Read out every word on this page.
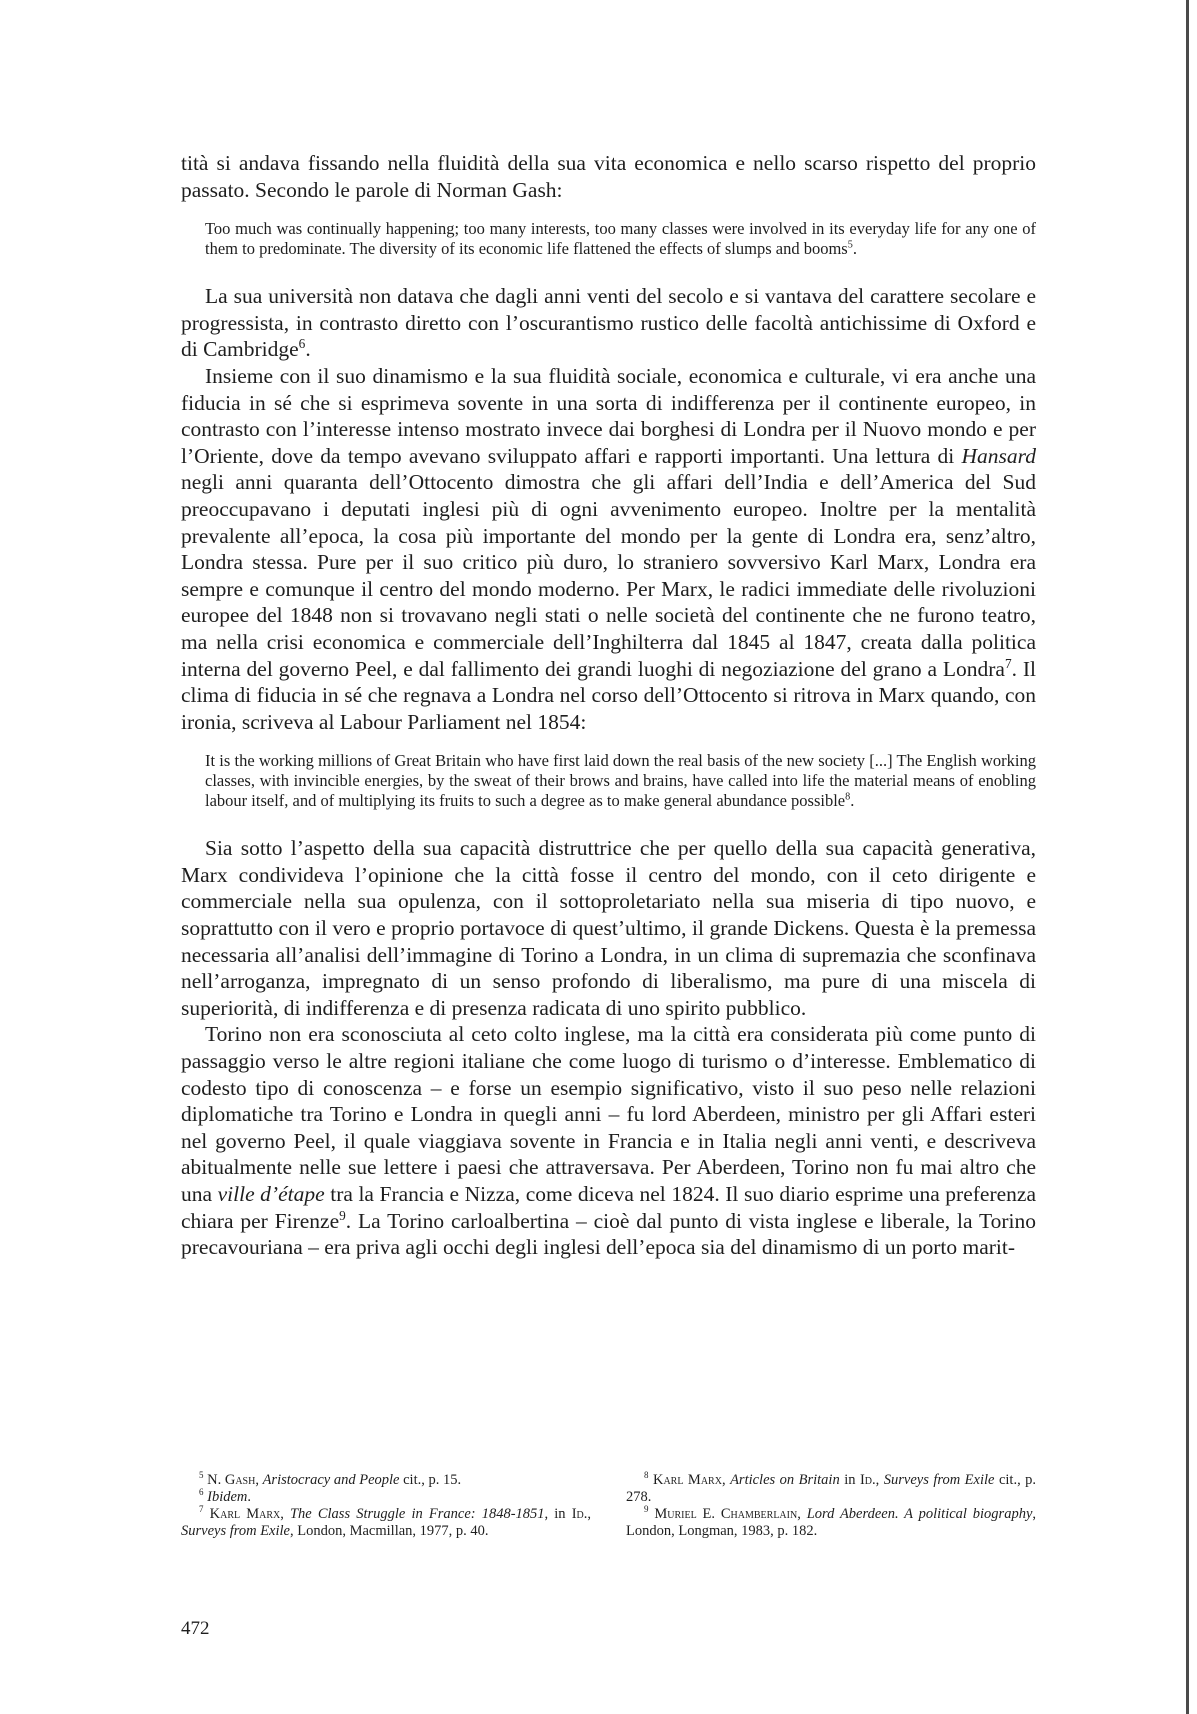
tità si andava fissando nella fluidità della sua vita economica e nello scarso rispetto del proprio passato. Secondo le parole di Norman Gash:

Too much was continually happening; too many interests, too many classes were involved in its everyday life for any one of them to predominate. The diversity of its economic life flattened the effects of slumps and booms$^5$.

La sua università non datava che dagli anni venti del secolo e si vantava del carattere secolare e progressista, in contrasto diretto con l’oscurantismo rustico delle facoltà antichissime di Oxford e di Cambridge$^6$.

Insieme con il suo dinamismo e la sua fluidità sociale, economica e culturale, vi era anche una fiducia in sé che si esprimeva sovente in una sorta di indifferenza per il continente europeo, in contrasto con l’interesse intenso mostrato invece dai borghesi di Londra per il Nuovo mondo e per l’Oriente, dove da tempo avevano sviluppato affari e rapporti importanti. Una lettura di Hansard negli anni quaranta dell’Ottocento dimostra che gli affari dell’India e dell’America del Sud preoccupavano i deputati inglesi più di ogni avvenimento europeo. Inoltre per la mentalità prevalente all’epoca, la cosa più importante del mondo per la gente di Londra era, senz’altro, Londra stessa. Pure per il suo critico più duro, lo straniero sovversivo Karl Marx, Londra era sempre e comunque il centro del mondo moderno. Per Marx, le radici immediate delle rivoluzioni europee del 1848 non si trovavano negli stati o nelle società del continente che ne furono teatro, ma nella crisi economica e commerciale dell’Inghilterra dal 1845 al 1847, creata dalla politica interna del governo Peel, e dal fallimento dei grandi luoghi di negoziazione del grano a Londra$^7$. Il clima di fiducia in sé che regnava a Londra nel corso dell’Ottocento si ritrova in Marx quando, con ironia, scriveva al Labour Parliament nel 1854:

It is the working millions of Great Britain who have first laid down the real basis of the new society [...] The English working classes, with invincible energies, by the sweat of their brows and brains, have called into life the material means of enobling labour itself, and of multiplying its fruits to such a degree as to make general abundance possible$^8$.

Sia sotto l’aspetto della sua capacità distruttrice che per quello della sua capacità generativa, Marx condivideva l’opinione che la città fosse il centro del mondo, con il ceto dirigente e commerciale nella sua opulenza, con il sottoproletariato nella sua miseria di tipo nuovo, e soprattutto con il vero e proprio portavoce di quest’ultimo, il grande Dickens. Questa è la premessa necessaria all’analisi dell’immagine di Torino a Londra, in un clima di supremazia che sconfinava nell’arroganza, impregnato di un senso profondo di liberalismo, ma pure di una miscela di superiorità, di indifferenza e di presenza radicata di uno spirito pubblico.

Torino non era sconosciuta al ceto colto inglese, ma la città era considerata più come punto di passaggio verso le altre regioni italiane che come luogo di turismo o d’interesse. Emblematico di codesto tipo di conoscenza – e forse un esempio significativo, visto il suo peso nelle relazioni diplomatiche tra Torino e Londra in quegli anni – fu lord Aberdeen, ministro per gli Affari esteri nel governo Peel, il quale viaggiava sovente in Francia e in Italia negli anni venti, e descriveva abitualmente nelle sue lettere i paesi che attraversava. Per Aberdeen, Torino non fu mai altro che una ville d’étape tra la Francia e Nizza, come diceva nel 1824. Il suo diario esprime una preferenza chiara per Firenze$^9$. La Torino carloalbertina – cioè dal punto di vista inglese e liberale, la Torino precavouriana – era priva agli occhi degli inglesi dell’epoca sia del dinamismo di un porto marit-

$^5$ N. Gash, Aristocracy and People cit., p. 15.

$^6$ Ibidem.

$^7$ Karl Marx, The Class Struggle in France: 1848-1851, in Id., Surveys from Exile, London, Macmillan, 1977, p. 40.

$^8$ Karl Marx, Articles on Britain in Id., Surveys from Exile cit., p. 278.

$^9$ Muriel E. Chamberlain, Lord Aberdeen. A political biography, London, Longman, 1983, p. 182.

472
